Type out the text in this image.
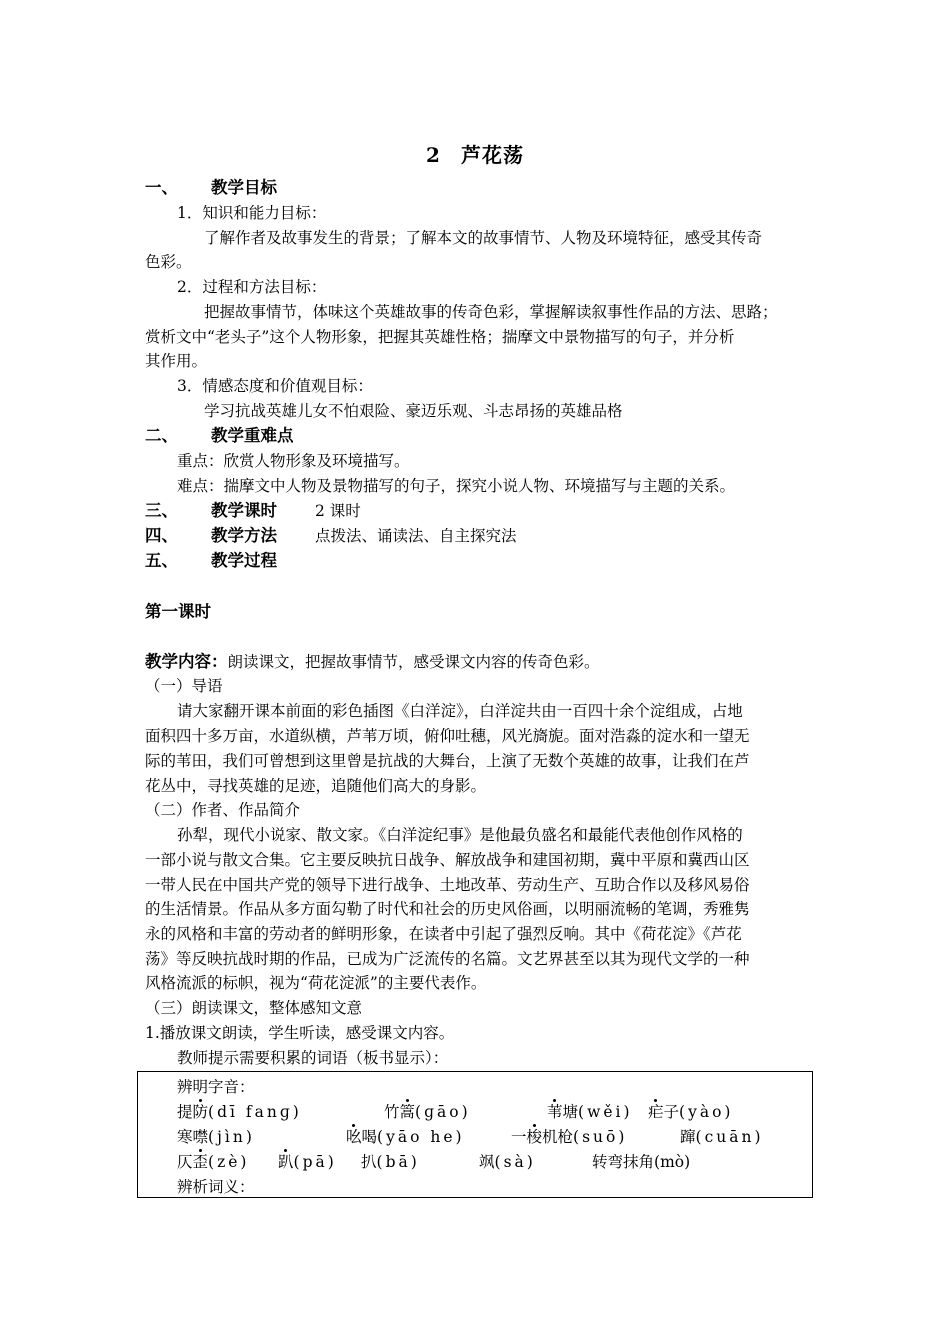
2 芦花荡
一、 教学目标
1．知识和能力目标：
了解作者及故事发生的背景；了解本文的故事情节、人物及环境特征，感受其传奇
色彩。
2．过程和方法目标：
把握故事情节，体味这个英雄故事的传奇色彩，掌握解读叙事性作品的方法、思路；
赏析文中“老头子”这个人物形象，把握其英雄性格；揣摩文中景物描写的句子，并分析
其作用。
3．情感态度和价值观目标：
学习抗战英雄儿女不怕艰险、豪迈乐观、斗志昂扬的英雄品格
二、 教学重难点
重点：欣赏人物形象及环境描写。
难点：揣摩文中人物及景物描写的句子，探究小说人物、环境描写与主题的关系。
三、 教学课时 2 课时
四、 教学方法 点拨法、诵读法、自主探究法
五、 教学过程
第一课时
教学内容：朗读课文，把握故事情节，感受课文内容的传奇色彩。
（一）导语
请大家翻开课本前面的彩色插图《白洋淀》，白洋淀共由一百四十余个淀组成，占地
面积四十多万亩，水道纵横，芦苇万顷，俯仰吐穗，风光旖旎。面对浩淼的淀水和一望无
际的苇田，我们可曾想到这里曾是抗战的大舞台，上演了无数个英雄的故事，让我们在芦
花丛中，寻找英雄的足迹，追随他们高大的身影。
（二）作者、作品简介
孙犁，现代小说家、散文家。《白洋淀纪事》是他最负盛名和最能代表他创作风格的
一部小说与散文合集。它主要反映抗日战争、解放战争和建国初期，冀中平原和冀西山区
一带人民在中国共产党的领导下进行战争、土地改革、劳动生产、互助合作以及移风易俗
的生活情景。作品从多方面勾勒了时代和社会的历史风俗画，以明丽流畅的笔调，秀雅隽
永的风格和丰富的劳动者的鲜明形象，在读者中引起了强烈反响。其中《荷花淀》《芦花
荡》等反映抗战时期的作品，已成为广泛流传的名篇。文艺界甚至以其为现代文学的一种
风格流派的标帜，视为“荷花淀派”的主要代表作。
（三）朗读课文，整体感知文意
1.播放课文朗读，学生听读，感受课文内容。
教师提示需要积累的词语（板书显示）：
辨明字音：
提防(dī fanɡ)	竹篙(ɡāo)	苇塘(wěi) 疟子(yào)
寒噤(jìn)	吆喝(yāo he)	一梭机枪(suō)	蹿(cuān)
仄歪(zè) 趴(pā) 扒(bā)	飒(sà)	转弯抹角(mò)
辨析词义：
